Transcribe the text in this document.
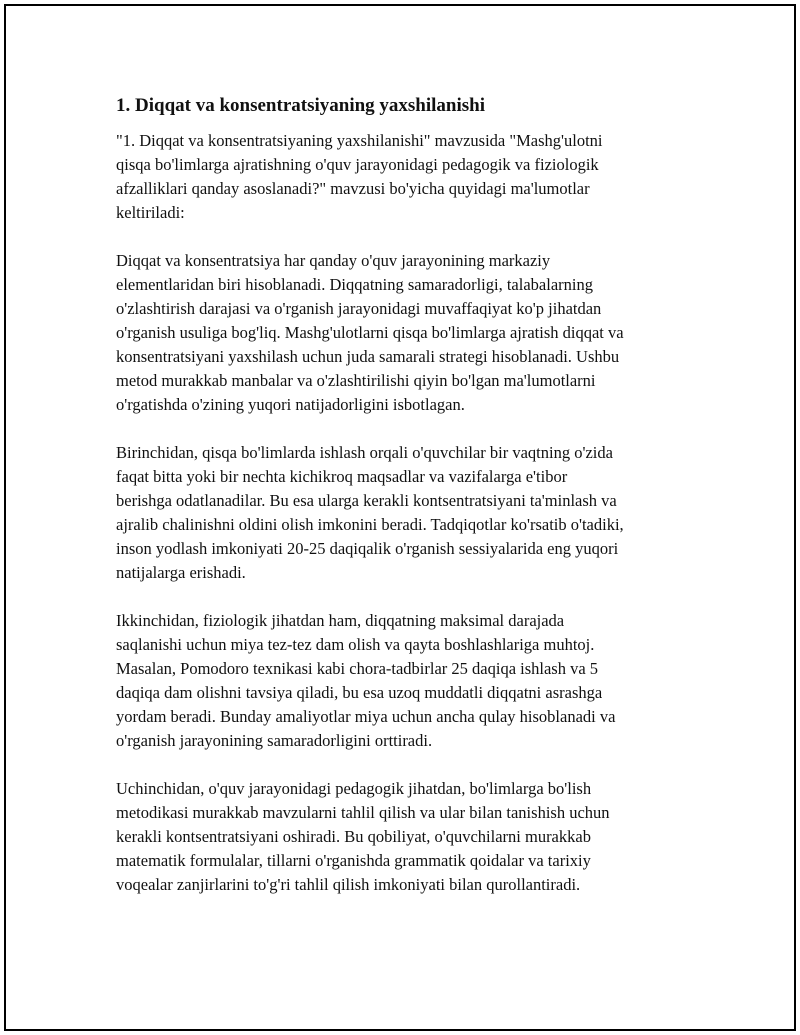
1. Diqqat va konsentratsiyaning yaxshilanishi

"1. Diqqat va konsentratsiyaning yaxshilanishi" mavzusida "Mashg'ulotni
qisqa bo'limlarga ajratishning o'quv jarayonidagi pedagogik va fiziologik
afzalliklari qanday asoslanadi?" mavzusi bo'yicha quyidagi ma'lumotlar
keltiriladi:

Diqqat va konsentratsiya har qanday o'quv jarayonining markaziy
elementlaridan biri hisoblanadi. Diqqatning samaradorligi, talabalarning
o'zlashtirish darajasi va o'rganish jarayonidagi muvaffaqiyat ko'p jihatdan
o'rganish usuliga bog'liq. Mashg'ulotlarni qisqa bo'limlarga ajratish diqqat va
konsentratsiyani yaxshilash uchun juda samarali strategi hisoblanadi. Ushbu
metod murakkab manbalar va o'zlashtirilishi qiyin bo'lgan ma'lumotlarni
o'rgatishda o'zining yuqori natijadorligini isbotlagan.

Birinchidan, qisqa bo'limlarda ishlash orqali o'quvchilar bir vaqtning o'zida
faqat bitta yoki bir nechta kichikroq maqsadlar va vazifalarga e'tibor
berishga odatlanadilar. Bu esa ularga kerakli kontsentratsiyani ta'minlash va
ajralib chalinishni oldini olish imkonini beradi. Tadqiqotlar ko'rsatib o'tadiki,
inson yodlash imkoniyati 20-25 daqiqalik o'rganish sessiyalarida eng yuqori
natijalarga erishadi.

Ikkinchidan, fiziologik jihatdan ham, diqqatning maksimal darajada
saqlanishi uchun miya tez-tez dam olish va qayta boshlashlariga muhtoj.
Masalan, Pomodoro texnikasi kabi chora-tadbirlar 25 daqiqa ishlash va 5
daqiqa dam olishni tavsiya qiladi, bu esa uzoq muddatli diqqatni asrashga
yordam beradi. Bunday amaliyotlar miya uchun ancha qulay hisoblanadi va
o'rganish jarayonining samaradorligini orttiradi.

Uchinchidan, o'quv jarayonidagi pedagogik jihatdan, bo'limlarga bo'lish
metodikasi murakkab mavzularni tahlil qilish va ular bilan tanishish uchun
kerakli kontsentratsiyani oshiradi. Bu qobiliyat, o'quvchilarni murakkab
matematik formulalar, tillarni o'rganishda grammatik qoidalar va tarixiy
voqealar zanjirlarini to'g'ri tahlil qilish imkoniyati bilan qurollantiradi.
